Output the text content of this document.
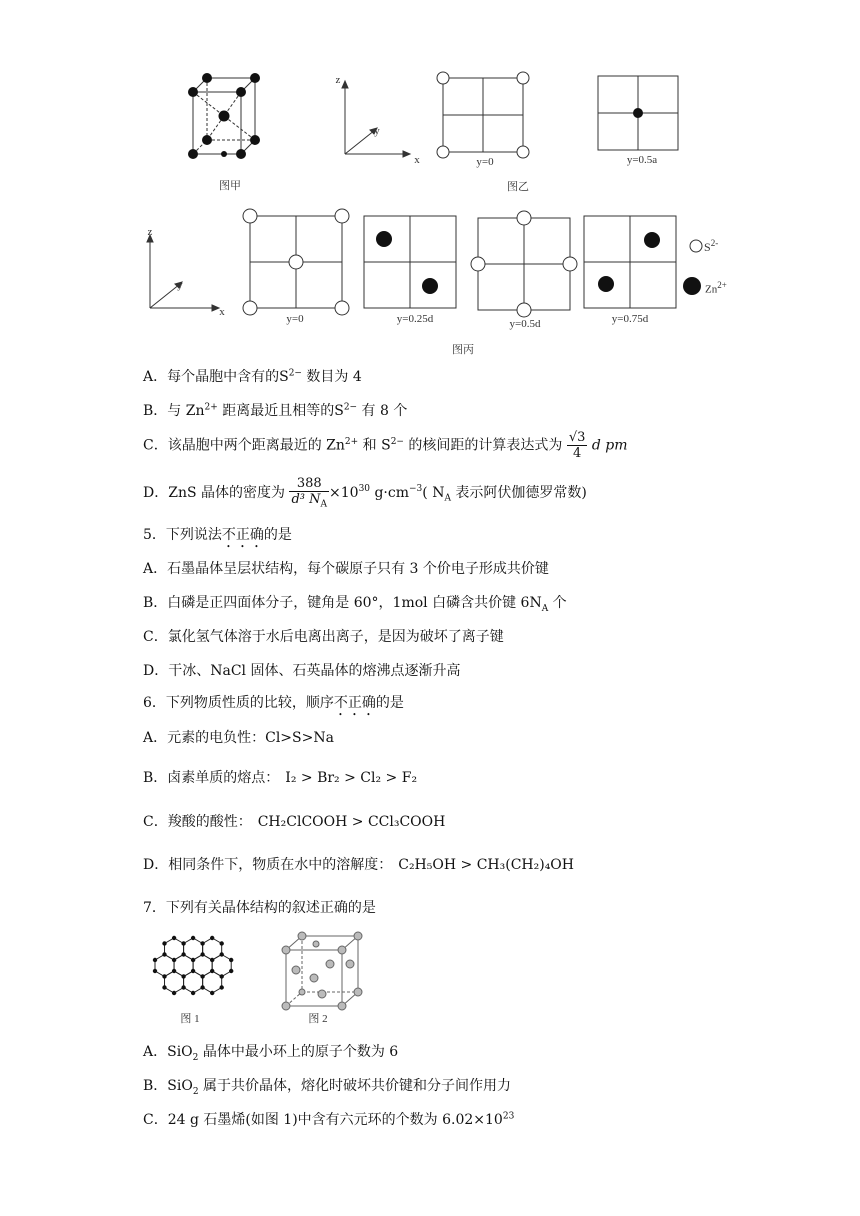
图甲
z
y
x	y=0
图乙
y=0.5a
z
y
x
y=0	y=0.25d	y=0.5d	y=0.75d
$S^{2-}$
$Zn^{2+}$
图丙
A．每个晶胞中含有的$S^{2-}$ 数目为 4
B．与 $Zn^{2+}$ 距离最近且相等的$S^{2-}$ 有 8 个
C．该晶胞中两个距离最近的 $Zn^{2+}$ 和 $S^{2-}$ 的核间距的计算表达式为 $\frac{√3}{4}$ d pm
D．ZnS 晶体的密度为 $\frac{388}{d^3 N_A} \times 10^{30}$ $g\cdot cm^{-3}$( $N_A$ 表示阿伏伽德罗常数)
5．下列说法不正确的是
A．石墨晶体呈层状结构，每个碳原子只有 3 个价电子形成共价键
B．白磷是正四面体分子，键角是 60°，1mol 白磷含共价键 $6N_A$ 个
C．氯化氢气体溶于水后电离出离子，是因为破坏了离子键
D．干冰、NaCl 固体、石英晶体的熔沸点逐渐升高
6．下列物质性质的比较，顺序不正确的是
A．元素的电负性：Cl>S>Na
B．卤素单质的熔点： I₂ > Br₂ > Cl₂ > F₂
C．羧酸的酸性： CH₂ClCOOH > CCl₃COOH
D．相同条件下，物质在水中的溶解度： C₂H₅OH > CH₃(CH₂)₄OH
7．下列有关晶体结构的叙述正确的是
图 1	图 2
A．SiO$_2$ 晶体中最小环上的原子个数为 6
B．SiO$_2$ 属于共价晶体，熔化时破坏共价键和分子间作用力
C．24 g 石墨烯(如图 1)中含有六元环的个数为 $6.02\times 10^{23}$
